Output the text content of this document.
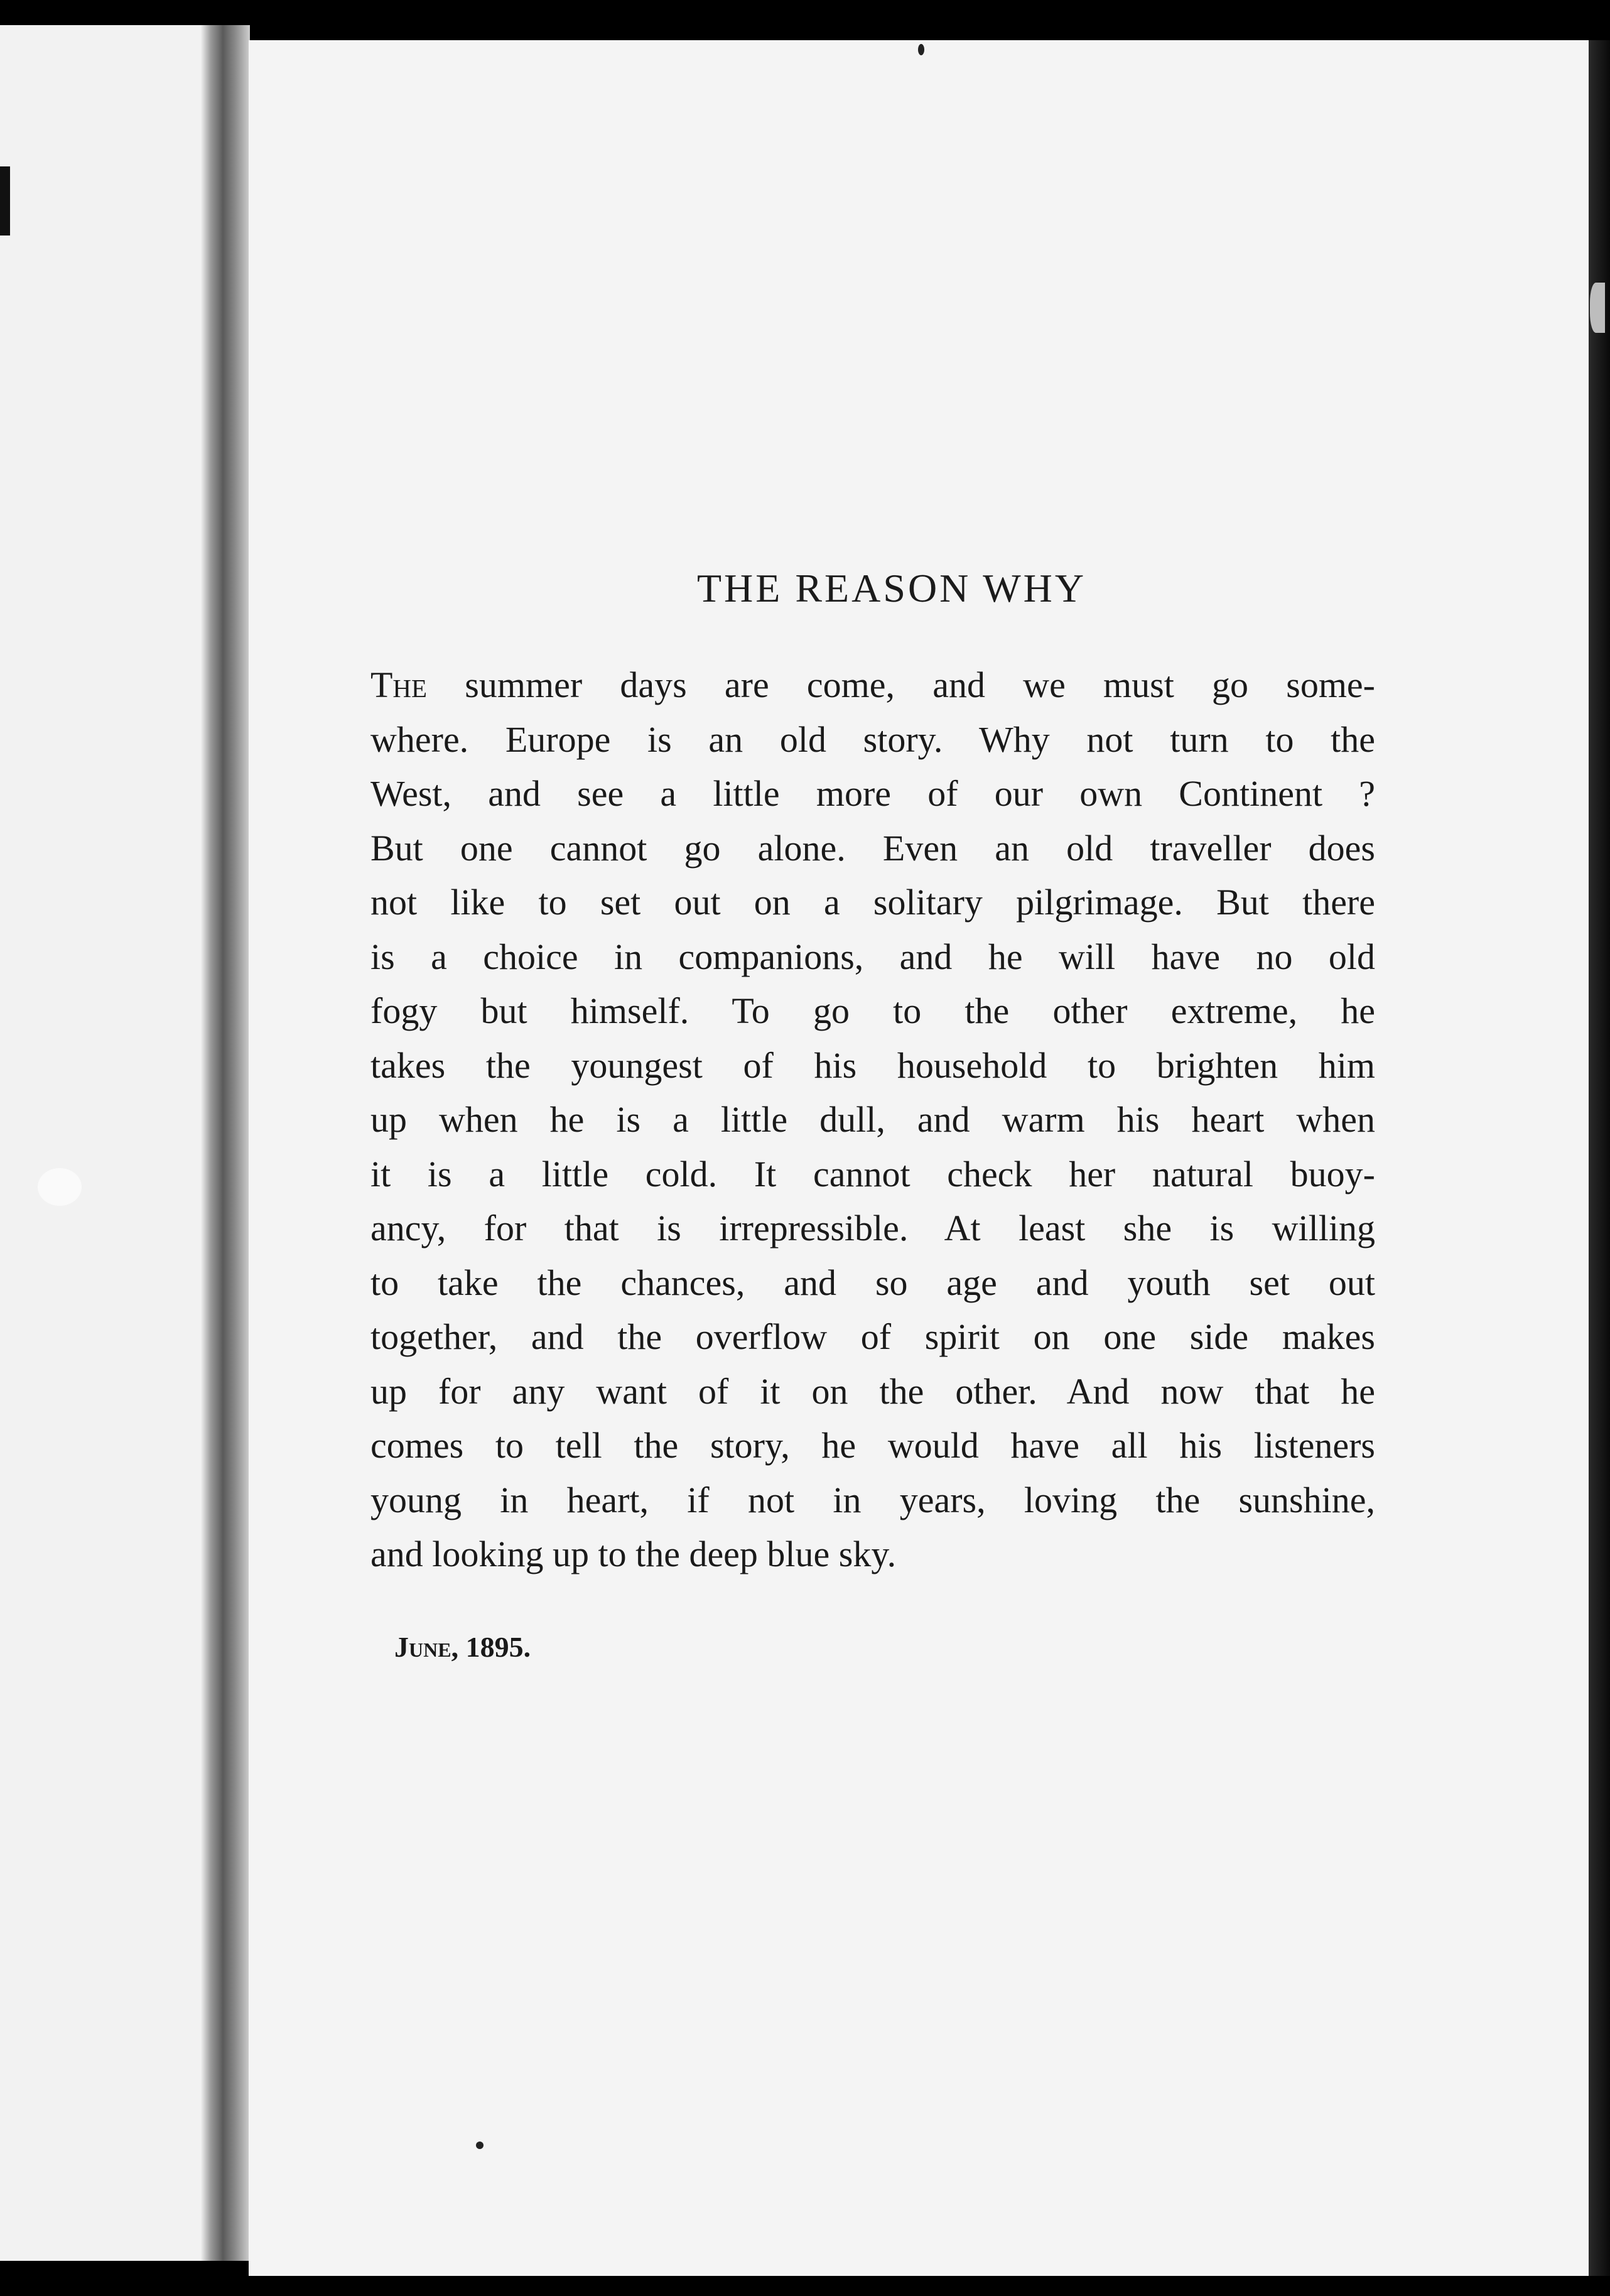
THE REASON WHY
The summer days are come, and we must go some-
where. Europe is an old story. Why not turn to the
West, and see a little more of our own Continent ?
But one cannot go alone. Even an old traveller does
not like to set out on a solitary pilgrimage. But there
is a choice in companions, and he will have no old
fogy but himself. To go to the other extreme, he
takes the youngest of his household to brighten him
up when he is a little dull, and warm his heart when
it is a little cold. It cannot check her natural buoy-
ancy, for that is irrepressible. At least she is willing
to take the chances, and so age and youth set out
together, and the overflow of spirit on one side makes
up for any want of it on the other. And now that he
comes to tell the story, he would have all his listeners
young in heart, if not in years, loving the sunshine,
and looking up to the deep blue sky.
June, 1895.
